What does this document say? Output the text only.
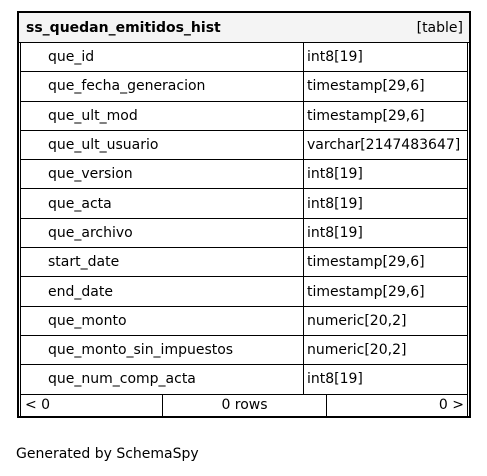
ss_quedan_emitidos_hist	[table]
que_id	int8[19]
que_fecha_generacion	timestamp[29,6]
que_ult_mod	timestamp[29,6]
que_ult_usuario	varchar[2147483647]
que_version	int8[19]
que_acta	int8[19]
que_archivo	int8[19]
start_date	timestamp[29,6]
end_date	timestamp[29,6]
que_monto	numeric[20,2]
que_monto_sin_impuestos	numeric[20,2]
que_num_comp_acta	int8[19]
< 0	0 rows	0 >
Generated by SchemaSpy
